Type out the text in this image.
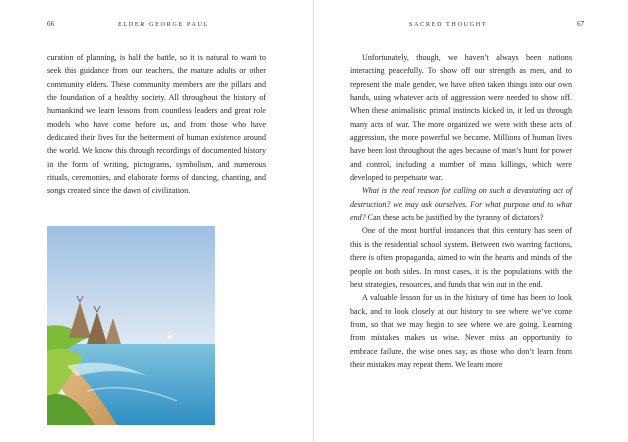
66	ELDER GEORGE PAUL

curation of planning, is half the battle, so it is natural to want to seek this guidance from our teachers, the mature adults or other community elders. These community members are the pillars and the foundation of a healthy society. All throughout the history of humankind we learn lessons from countless leaders and great role models who have come before us, and from those who have dedicated their lives for the betterment of human existence around the world. We know this through recordings of documented history in the form of writing, pictograms, symbolism, and numerous rituals, ceremonies, and elaborate forms of dancing, chanting, and songs created since the dawn of civilization.

SACRED THOUGHT	67

Unfortunately, though, we haven’t always been nations interacting peacefully. To show off our strength as men, and to represent the male gender, we have often taken things into our own hands, using whatever acts of aggression were needed to show off. When these animalistic primal instincts kicked in, it led us through many acts of war. The more organized we were with these acts of aggression, the more powerful we became. Millions of human lives have been lost throughout the ages because of man’s hunt for power and control, including a number of mass killings, which were developed to perpetuate war.

What is the real reason for calling on such a devastating act of destruction? we may ask ourselves. For what purpose and to what end? Can these acts be justified by the tyranny of dictators?

One of the most hurtful instances that this century has seen of this is the residential school system. Between two warring factions, there is often propaganda, aimed to win the hearts and minds of the people on both sides. In most cases, it is the populations with the best strategies, resources, and funds that win out in the end.

A valuable lesson for us in the history of time has been to look back, and to look closely at our history to see where we’ve come from, so that we may begin to see where we are going. Learning from mistakes makes us wise. Never miss an opportunity to embrace failure, the wise ones say, as those who don’t learn from their mistakes may repeat them. We learn more
